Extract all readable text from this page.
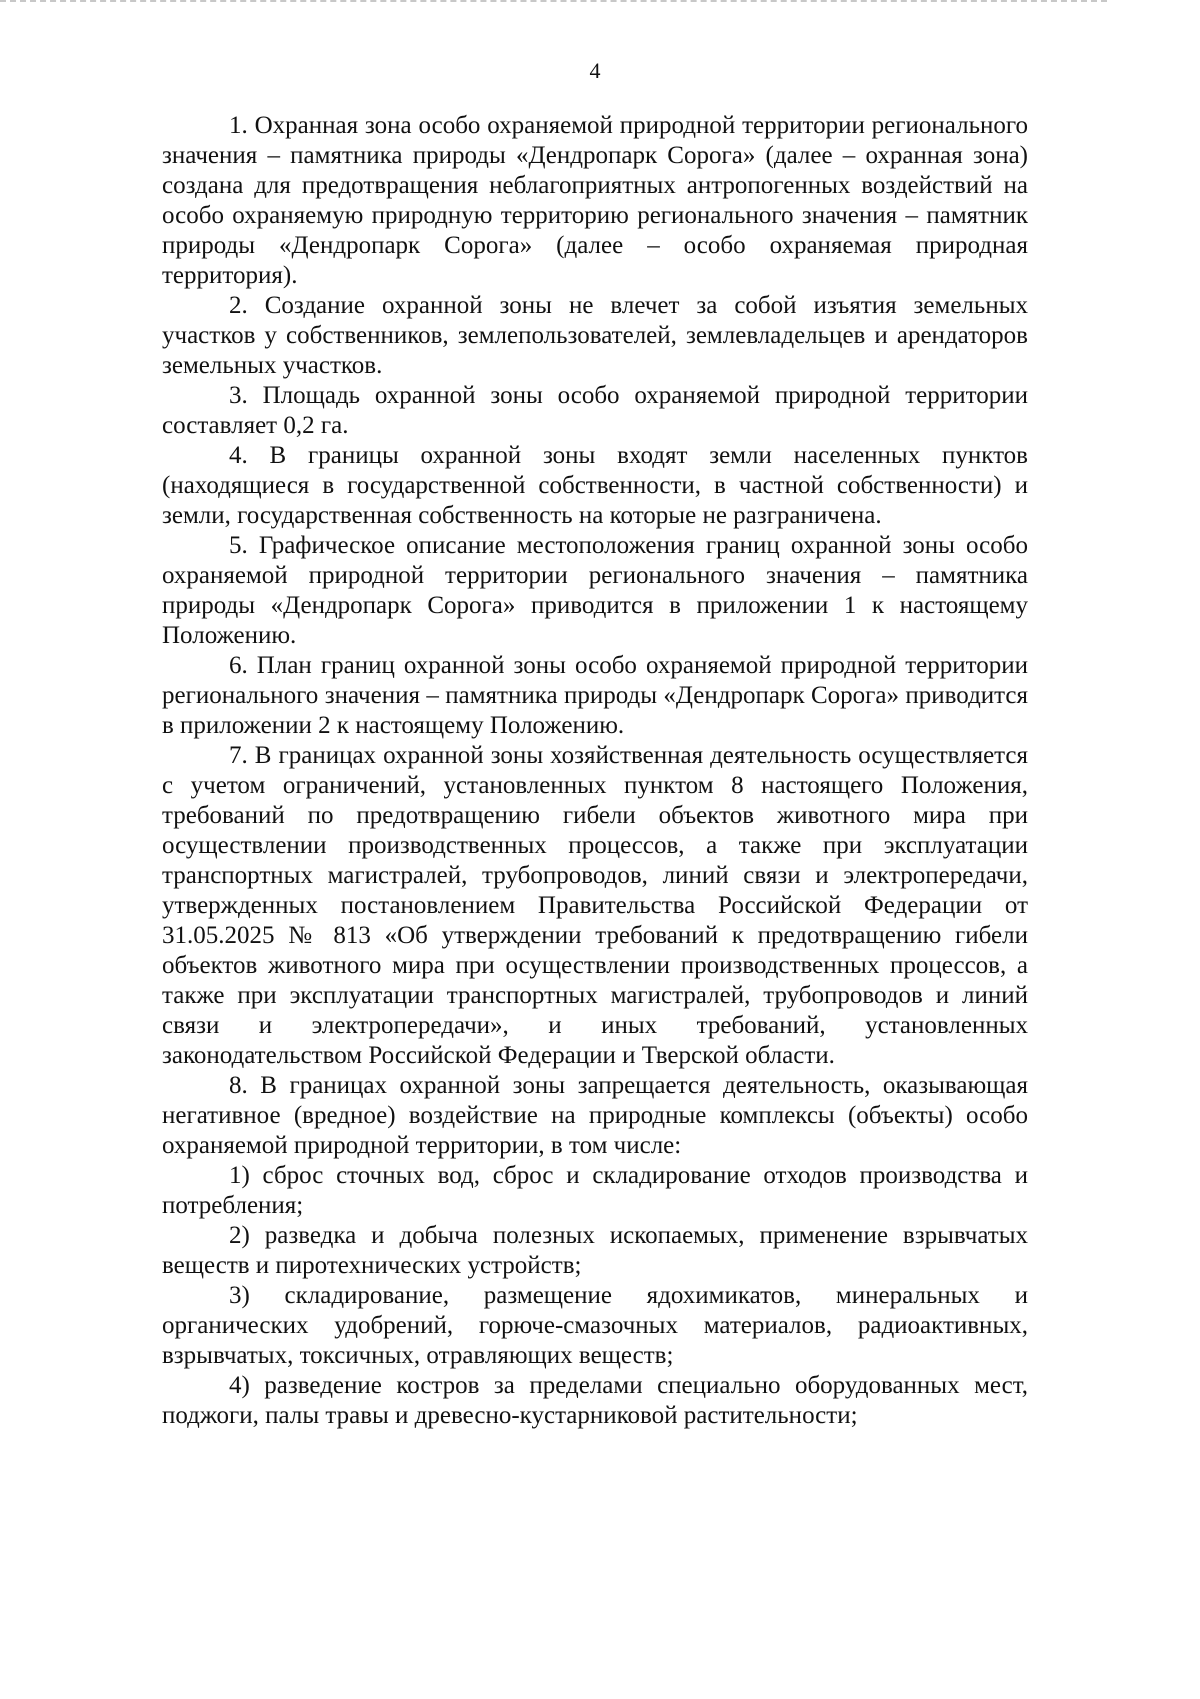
4

1. Охранная зона особо охраняемой природной территории регионального значения – памятника природы «Дендропарк Сорога» (далее – охранная зона) создана для предотвращения неблагоприятных антропогенных воздействий на особо охраняемую природную территорию регионального значения – памятник природы «Дендропарк Сорога» (далее – особо охраняемая природная территория).

2. Создание охранной зоны не влечет за собой изъятия земельных участков у собственников, землепользователей, землевладельцев и арендаторов земельных участков.

3. Площадь охранной зоны особо охраняемой природной территории составляет 0,2 га.

4. В границы охранной зоны входят земли населенных пунктов (находящиеся в государственной собственности, в частной собственности) и земли, государственная собственность на которые не разграничена.

5. Графическое описание местоположения границ охранной зоны особо охраняемой природной территории регионального значения – памятника природы «Дендропарк Сорога» приводится в приложении 1 к настоящему Положению.

6. План границ охранной зоны особо охраняемой природной территории регионального значения – памятника природы «Дендропарк Сорога» приводится в приложении 2 к настоящему Положению.

7. В границах охранной зоны хозяйственная деятельность осуществляется с учетом ограничений, установленных пунктом 8 настоящего Положения, требований по предотвращению гибели объектов животного мира при осуществлении производственных процессов, а также при эксплуатации транспортных магистралей, трубопроводов, линий связи и электропередачи, утвержденных постановлением Правительства Российской Федерации от 31.05.2025 № 813 «Об утверждении требований к предотвращению гибели объектов животного мира при осуществлении производственных процессов, а также при эксплуатации транспортных магистралей, трубопроводов и линий связи и электропередачи», и иных требований, установленных законодательством Российской Федерации и Тверской области.

8. В границах охранной зоны запрещается деятельность, оказывающая негативное (вредное) воздействие на природные комплексы (объекты) особо охраняемой природной территории, в том числе:

1) сброс сточных вод, сброс и складирование отходов производства и потребления;

2) разведка и добыча полезных ископаемых, применение взрывчатых веществ и пиротехнических устройств;

3) складирование, размещение ядохимикатов, минеральных и органических удобрений, горюче-смазочных материалов, радиоактивных, взрывчатых, токсичных, отравляющих веществ;

4) разведение костров за пределами специально оборудованных мест, поджоги, палы травы и древесно-кустарниковой растительности;
